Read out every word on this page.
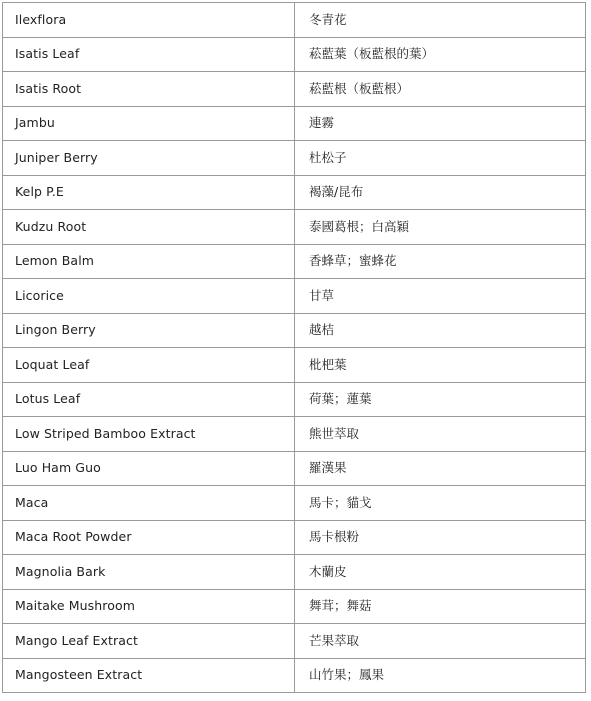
Ilexflora	冬青花
Isatis Leaf	菘藍葉（板藍根的葉）
Isatis Root	菘藍根（板藍根）
Jambu	連霧
Juniper Berry	杜松子
Kelp P.E	褐藻/昆布
Kudzu Root	泰國葛根；白高穎
Lemon Balm	香蜂草；蜜蜂花
Licorice	甘草
Lingon Berry	越桔
Loquat Leaf	枇杷葉
Lotus Leaf	荷葉；蓮葉
Low Striped Bamboo Extract	熊世萃取
Luo Ham Guo	羅漢果
Maca	馬卡；貓戈
Maca Root Powder	馬卡根粉
Magnolia Bark	木蘭皮
Maitake Mushroom	舞茸；舞菇
Mango Leaf Extract	芒果萃取
Mangosteen Extract	山竹果；鳳果
